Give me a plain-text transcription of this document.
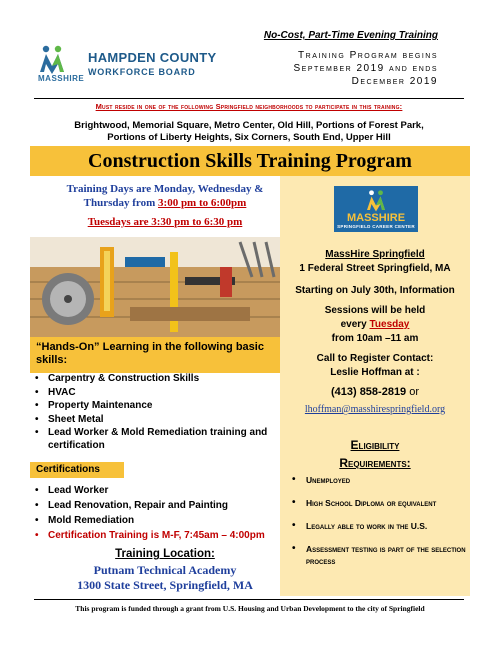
MASSHIRE
HAMPDEN COUNTY
WORKFORCE BOARD
No-Cost, Part-Time Evening Training
Training Program begins
September 2019 and ends
December 2019
Must reside in one of the following Springfield neighborhoods to participate in this training:
Brightwood, Memorial Square, Metro Center, Old Hill, Portions of Forest Park,
Portions of Liberty Heights, Six Corners, South End, Upper Hill
Construction Skills Training Program
Training Days are Monday, Wednesday &
Thursday from 3:00 pm to 6:00pm
Tuesdays are 3:30 pm to 6:30 pm
“Hands-On” Learning in the following basic skills:
• Carpentry & Construction Skills
• HVAC
• Property Maintenance
• Sheet Metal
• Lead Worker & Mold Remediation training and certification
Certifications
• Lead Worker
• Lead Renovation, Repair and Painting
• Mold Remediation
• Certification Training is M-F, 7:45am – 4:00pm
Training Location:
Putnam Technical Academy
1300 State Street, Springfield, MA
MASSHIRE
SPRINGFIELD CAREER CENTER
MassHire Springfield
1 Federal Street Springfield, MA
Starting on July 30th, Information
Sessions will be held
every Tuesday
from 10am –11 am
Call to Register Contact:
Leslie Hoffman at :
(413) 858-2819 or
lhoffman@masshirespringfield.org
Eligibility
Requirements:
• Unemployed
• High School Diploma or equivalent
• Legally able to work in the U.S.
• Assessment testing is part of the selection process
This program is funded through a grant from U.S. Housing and Urban Development to the city of Springfield
